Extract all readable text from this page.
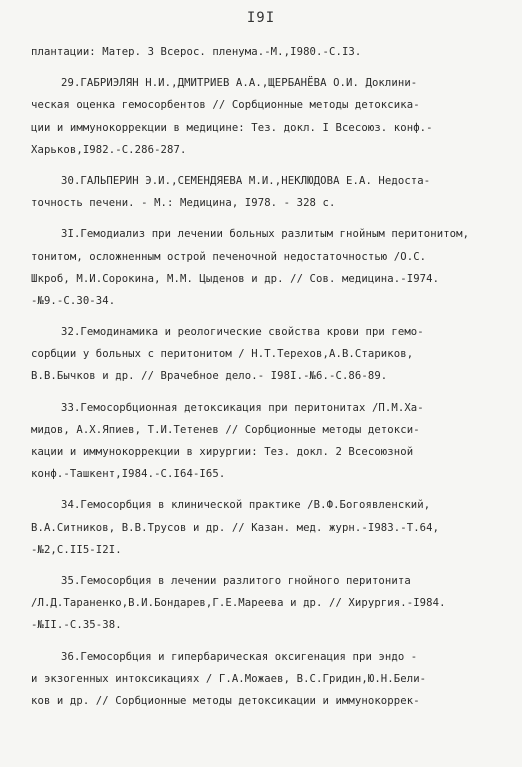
I9I
плантации: Матер. 3 Всерос. пленума.-М.,I980.-С.I3.
29.ГАБРИЭЛЯН Н.И.,ДМИТРИЕВ А.А.,ЩЕРБАНЁВА О.И. Доклини-
ческая оценка гемосорбентов // Сорбционные методы детоксика-
ции и иммунокоррекции в медицине: Тез. докл. I Всесоюз. конф.-
Харьков,I982.-С.286-287.
30.ГАЛЬПЕРИН Э.И.,СЕМЕНДЯЕВА М.И.,НЕКЛЮДОВА Е.А. Недоста-
точность печени. - М.: Медицина, I978. - 328 с.
3I.Гемодиализ при лечении больных разлитым гнойным перитонитом,
тонитом, осложненным острой печеночной недостаточностью /О.С.
Шкроб, М.И.Сорокина, М.М. Цыденов и др. // Сов. медицина.-I974.
-№9.-С.30-34.
32.Гемодинамика и реологические свойства крови при гемо-
сорбции у больных с перитонитом / Н.Т.Терехов,А.В.Стариков,
В.В.Бычков и др. // Врачебное дело.- I98I.-№6.-С.86-89.
33.Гемосорбционная детоксикация при перитонитах /П.М.Ха-
мидов, А.Х.Япиев, Т.И.Тетенев // Сорбционные методы детокси-
кации и иммунокоррекции в хирургии: Тез. докл. 2 Всесоюзной
конф.-Ташкент,I984.-С.I64-I65.
34.Гемосорбция в клинической практике /В.Ф.Богоявленский,
В.А.Ситников, В.В.Трусов и др. // Казан. мед. журн.-I983.-Т.64,
-№2,С.II5-I2I.
35.Гемосорбция в лечении разлитого гнойного перитонита
/Л.Д.Тараненко,В.И.Бондарев,Г.Е.Мареева и др. // Хирургия.-I984.
-№II.-С.35-38.
36.Гемосорбция и гипербарическая оксигенация при эндо -
и экзогенных интоксикациях / Г.А.Можаев, В.С.Гридин,Ю.Н.Бели-
ков и др. // Сорбционные методы детоксикации и иммунокоррек-
